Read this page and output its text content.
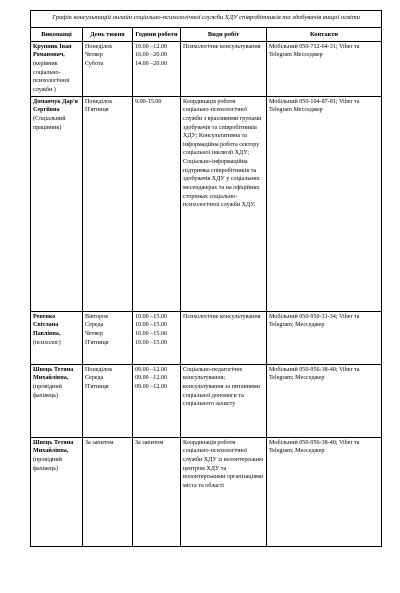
Графік консультацій онлайн соціально-психологічної служби ХДУ співробітників та здобувачів вищої освіти				
Виконавці	День тижня	Години роботи	Види робіт	Контакти

Крупник Іван Романович,
(керівник соціально-психологічної служби )	Понеділок
Четвер
Субота	10.00 –12.00
16.00 –20.00
14.00 –20.00	Психологічне консультування	Мобільний 050-712-64-31; Viber та Telegram Месседжер

Доманчук Дар'я Сергіївна
(Соціальний працівник)	Понеділок
П'ятниця	9.00-15.00	Координація роботи соціально-психологічної служби з вразливими групами здобувачів та співробітників ХДУ; Консультативна та інформаційна робота сектору соціальної інклюзії ХДУ; Соціально-інформаційна підтримка співробітників та здобувачів ХДУ у соціальних месенджерах та на офіційних сторінках соціально-психологічної служби ХДУ.	Мобільний 050-104-87-81; Viber та Telegram Месседжер

Ревенко Світлана Павлівна,
(психолог)	Вівторок
Середа
Четвер
П'ятниця	10.00 –15.00
10.00 –15.00
10.00 –15.00
10.00 –15.00	Психологічне консультування	Мобільний 050-950-31-34; Viber та Telegram; Месседжер

Швець Тетяна Михайлівна,
(провідний фахівець)	Понеділок
Середа
П'ятниця	09.00 –12.00
09.00 –12.00
09.00 –12.00	Соціально-педагогічне консультування; консультування за питаннями соціальної допомоги та соціального захисту	Мобільний 050-956-38-40; Viber та Telegram; Месседжер

Швець Тетяна Михайлівна,
(провідний фахівець)	За запитом	За запитом	Координація роботи соціально-психологічної служби ХДУ із волонтерським центром ХДУ та волонтерськими організаціями міста та області	Мобільний 050-956-38-40; Viber та Telegram; Месседжер
